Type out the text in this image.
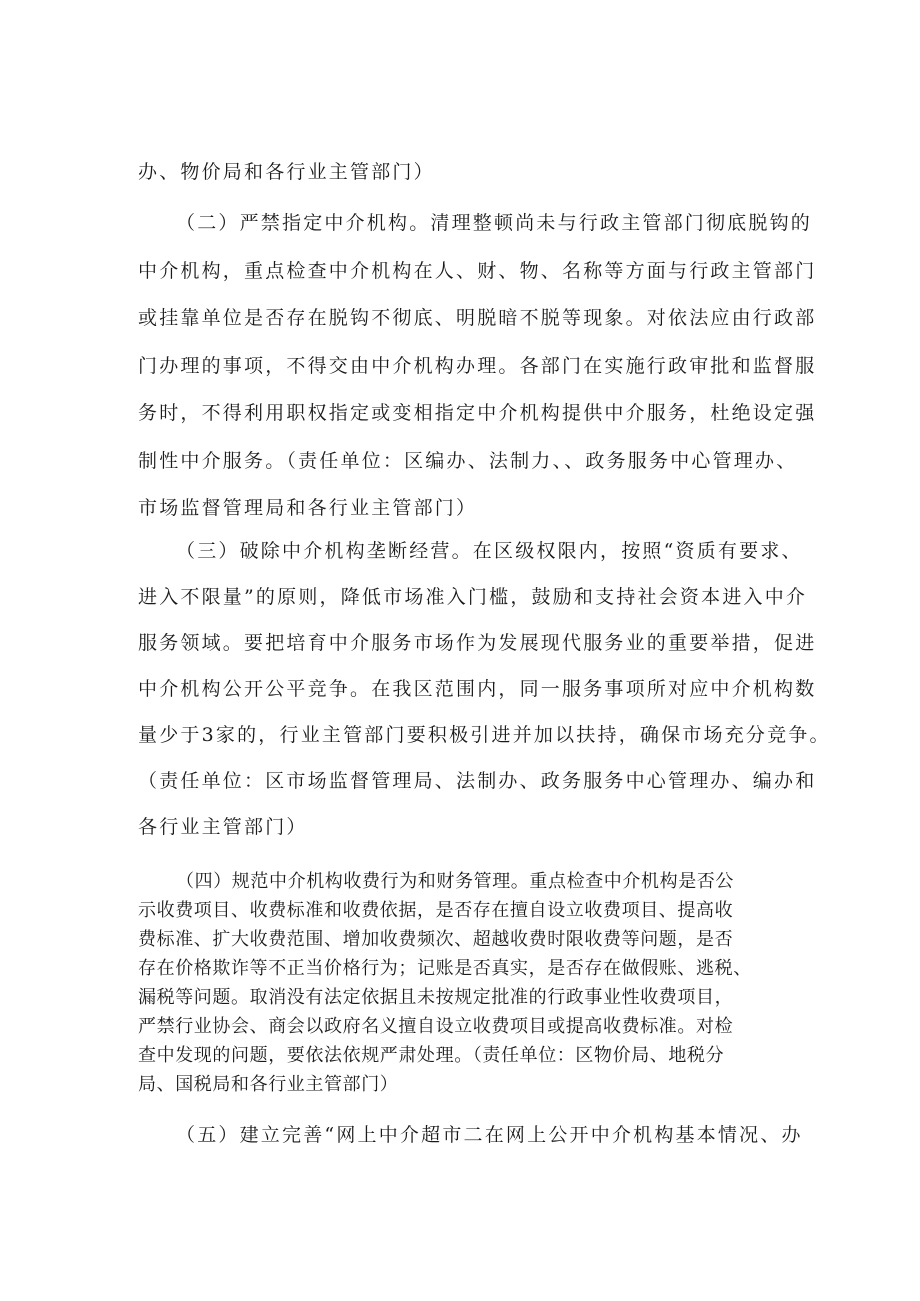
办、物价局和各行业主管部门）
（二）严禁指定中介机构。清理整顿尚未与行政主管部门彻底脱钩的
中介机构，重点检查中介机构在人、财、物、名称等方面与行政主管部门
或挂靠单位是否存在脱钩不彻底、明脱暗不脱等现象。对依法应由行政部
门办理的事项，不得交由中介机构办理。各部门在实施行政审批和监督服
务时，不得利用职权指定或变相指定中介机构提供中介服务，杜绝设定强
制性中介服务。（责任单位：区编办、法制力、、政务服务中心管理办、
市场监督管理局和各行业主管部门）
（三）破除中介机构垄断经营。在区级权限内，按照“资质有要求、
进入不限量”的原则，降低市场准入门槛，鼓励和支持社会资本进入中介
服务领域。要把培育中介服务市场作为发展现代服务业的重要举措，促进
中介机构公开公平竞争。在我区范围内，同一服务事项所对应中介机构数
量少于3家的，行业主管部门要积极引进并加以扶持，确保市场充分竞争。
（责任单位：区市场监督管理局、法制办、政务服务中心管理办、编办和
各行业主管部门）
（四）规范中介机构收费行为和财务管理。重点检查中介机构是否公
示收费项目、收费标准和收费依据，是否存在擅自设立收费项目、提高收
费标准、扩大收费范围、增加收费频次、超越收费时限收费等问题，是否
存在价格欺诈等不正当价格行为；记账是否真实，是否存在做假账、逃税、
漏税等问题。取消没有法定依据且未按规定批准的行政事业性收费项目，
严禁行业协会、商会以政府名义擅自设立收费项目或提高收费标准。对检
查中发现的问题，要依法依规严肃处理。（责任单位：区物价局、地税分
局、国税局和各行业主管部门）
（五）建立完善“网上中介超市二在网上公开中介机构基本情况、办
